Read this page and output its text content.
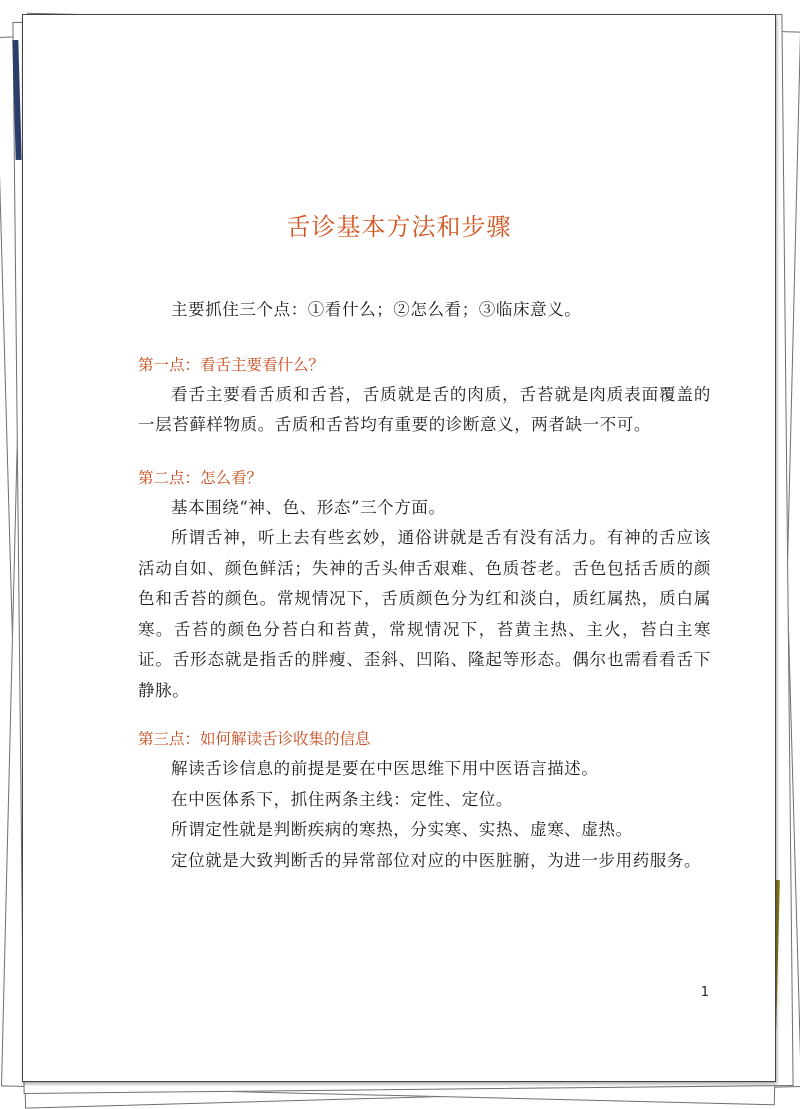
舌诊基本方法和步骤

主要抓住三个点：①看什么；②怎么看；③临床意义。

第一点：看舌主要看什么？

看舌主要看舌质和舌苔，舌质就是舌的肉质，舌苔就是肉质表面覆盖的一层苔藓样物质。舌质和舌苔均有重要的诊断意义，两者缺一不可。

第二点：怎么看？

基本围绕“神、色、形态”三个方面。

所谓舌神，听上去有些玄妙，通俗讲就是舌有没有活力。有神的舌应该活动自如、颜色鲜活；失神的舌头伸舌艰难、色质苍老。舌色包括舌质的颜色和舌苔的颜色。常规情况下，舌质颜色分为红和淡白，质红属热，质白属寒。舌苔的颜色分苔白和苔黄，常规情况下，苔黄主热、主火，苔白主寒证。舌形态就是指舌的胖瘦、歪斜、凹陷、隆起等形态。偶尔也需看看舌下静脉。

第三点：如何解读舌诊收集的信息

解读舌诊信息的前提是要在中医思维下用中医语言描述。

在中医体系下，抓住两条主线：定性、定位。

所谓定性就是判断疾病的寒热，分实寒、实热、虚寒、虚热。

定位就是大致判断舌的异常部位对应的中医脏腑，为进一步用药服务。

1
